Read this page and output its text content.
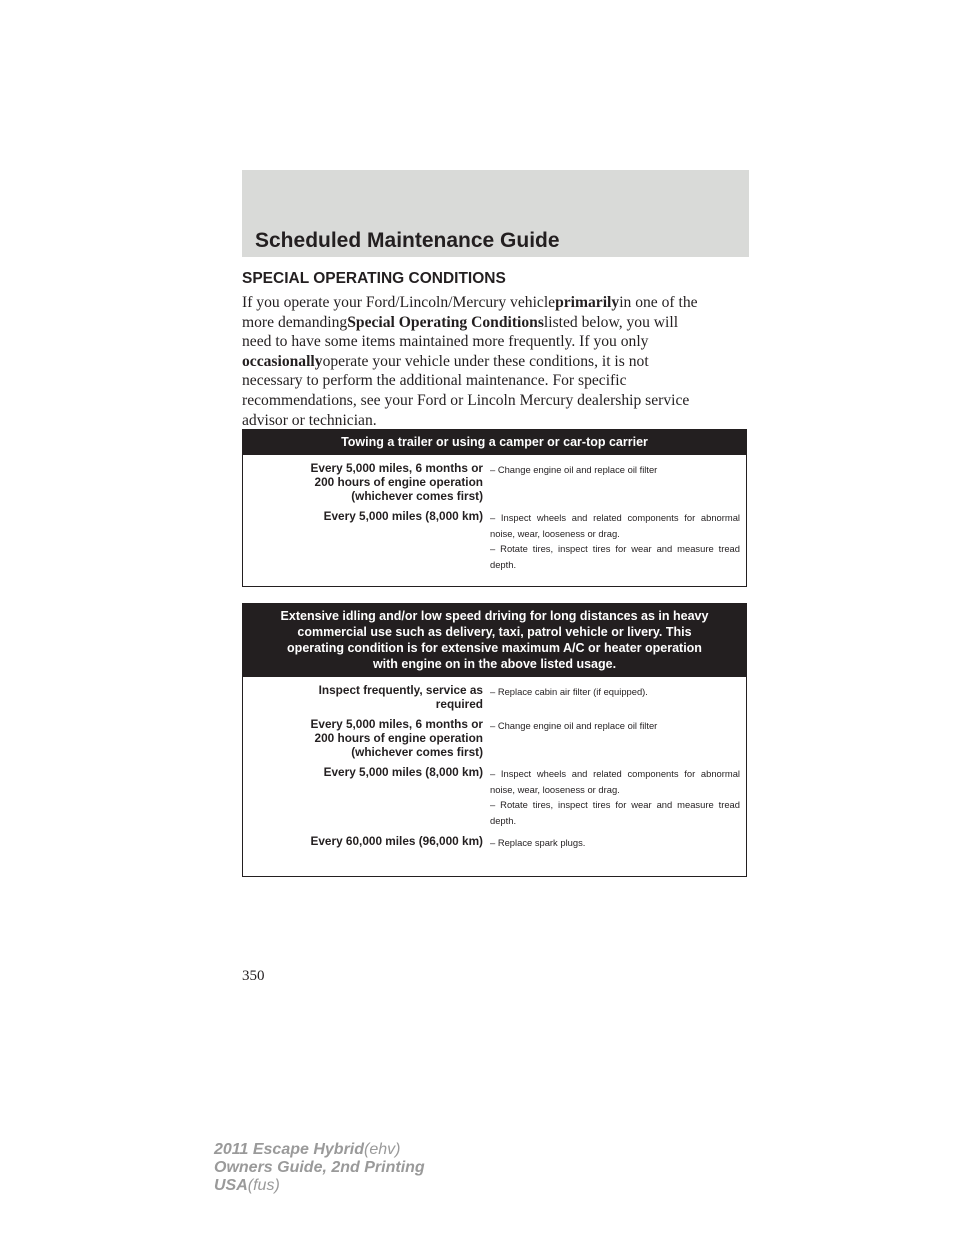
Scheduled Maintenance Guide
SPECIAL OPERATING CONDITIONS
If you operate your Ford/Lincoln/Mercury vehicleprimarilyin one of the
more demandingSpecial Operating Conditionslisted below, you will
need to have some items maintained more frequently. If you only
occasionallyoperate your vehicle under these conditions, it is not
necessary to perform the additional maintenance. For specific
recommendations, see your Ford or Lincoln Mercury dealership service
advisor or technician.
Towing a trailer or using a camper or car-top carrier
Every 5,000 miles, 6 months or
200 hours of engine operation
(whichever comes first)
– Change engine oil and replace oil filter
Every 5,000 miles (8,000 km) – Inspect wheels and related components for abnormal
noise, wear, looseness or drag.
– Rotate tires, inspect tires for wear and measure tread
depth.
Extensive idling and/or low speed driving for long distances as in heavy
commercial use such as delivery, taxi, patrol vehicle or livery. This
operating condition is for extensive maximum A/C or heater operation
with engine on in the above listed usage.
Inspect frequently, service as
required
– Replace cabin air filter (if equipped).
Every 5,000 miles, 6 months or
200 hours of engine operation
(whichever comes first)
– Change engine oil and replace oil filter
Every 5,000 miles (8,000 km) – Inspect wheels and related components for abnormal
noise, wear, looseness or drag.
– Rotate tires, inspect tires for wear and measure tread
depth.
Every 60,000 miles (96,000 km) – Replace spark plugs.
350
2011 Escape Hybrid(ehv)
Owners Guide, 2nd Printing
USA(fus)
